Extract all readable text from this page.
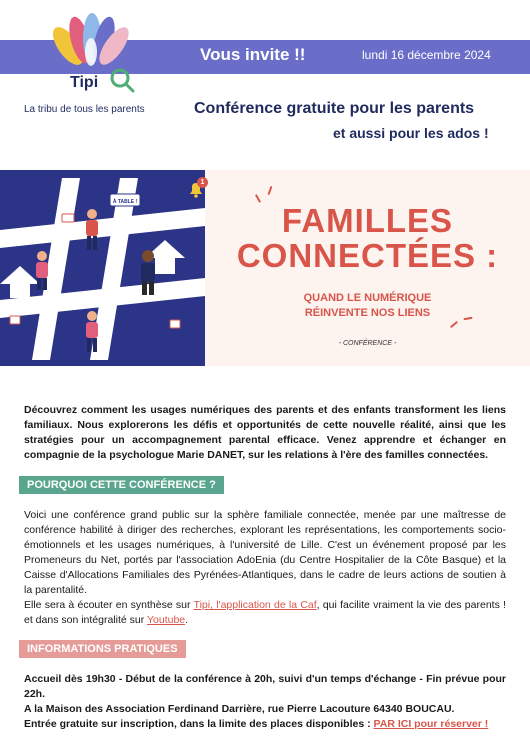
Vous invite !!	lundi 16 décembre 2024
Tipi
La tribu de tous les parents	Conférence gratuite pour les parents
et aussi pour les ados !
À TABLE !	FAMILLES
CONNECTÉES :
QUAND LE NUMÉRIQUE
RÉINVENTE NOS LIENS
- CONFÉRENCE -
1
Découvrez comment les usages numériques des parents et des enfants transforment les liens familiaux. Nous explorerons les défis et opportunités de cette nouvelle réalité, ainsi que les stratégies pour un accompagnement parental efficace. Venez apprendre et échanger en compagnie de la psychologue Marie DANET, sur les relations à l'ère des familles connectées.
POURQUOI CETTE CONFÉRENCE ?
Voici une conférence grand public sur la sphère familiale connectée, menée par une maîtresse de conférence habilité à diriger des recherches, explorant les représentations, les comportements socio-émotionnels et les usages numériques, à l'université de Lille. C'est un événement proposé par les Promeneurs du Net, portés par l'association AdoEnia (du Centre Hospitalier de la Côte Basque) et la Caisse d'Allocations Familiales des Pyrénées-Atlantiques, dans le cadre de leurs actions de soutien à la parentalité.
Elle sera à écouter en synthèse sur Tipi, l'application de la Caf, qui facilite vraiment la vie des parents ! et dans son intégralité sur Youtube.
INFORMATIONS PRATIQUES
Accueil dès 19h30 - Début de la conférence à 20h, suivi d'un temps d'échange - Fin prévue pour 22h.
A la Maison des Association Ferdinand Darrière, rue Pierre Lacouture 64340 BOUCAU.
Entrée gratuite sur inscription, dans la limite des places disponibles : PAR ICI pour réserver !
